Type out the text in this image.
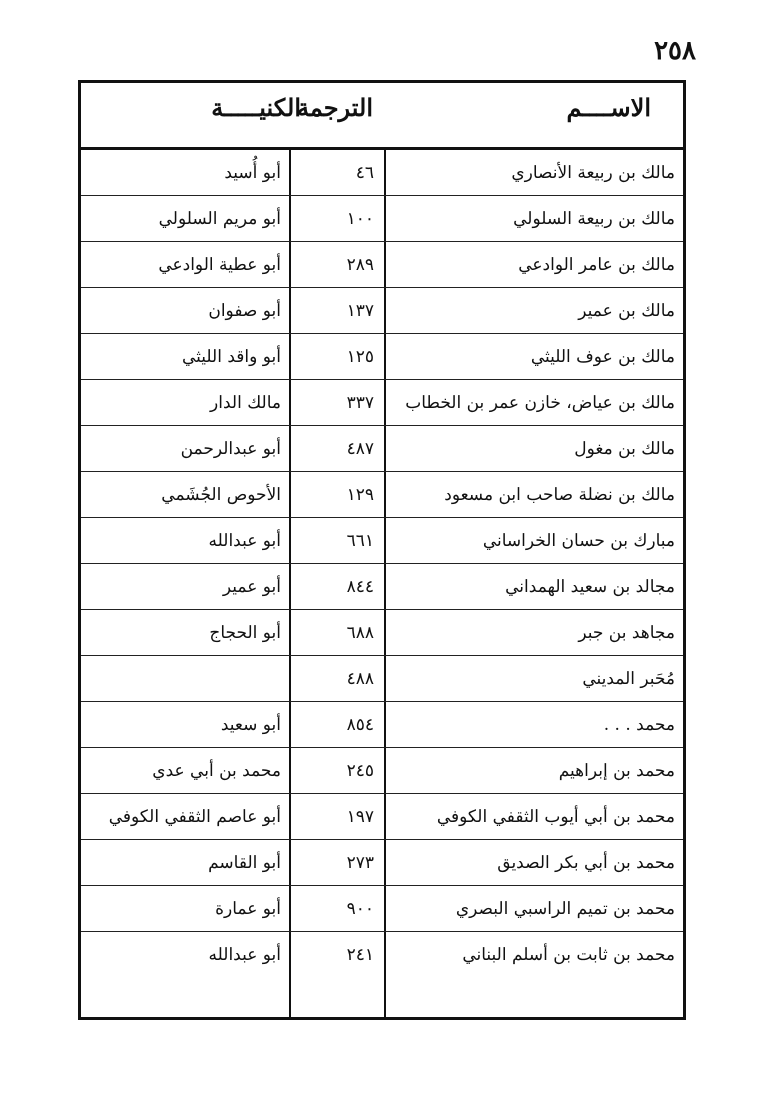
٢٥٨
الاســــم
الترجمة
الكنيـــــة
مالك بن ربيعة الأنصاري
٤٦
أبو أُسيد
مالك بن ربيعة السلولي
١٠٠
أبو مريم السلولي
مالك بن عامر الوادعي
٢٨٩
أبو عطية الوادعي
مالك بن عمير
١٣٧
أبو صفوان
مالك بن عوف الليثي
١٢٥
أبو واقد الليثي
مالك بن عياض، خازن عمر بن الخطاب
٣٣٧
مالك الدار
مالك بن مغول
٤٨٧
أبو عبدالرحمن
مالك بن نضلة صاحب ابن مسعود
١٢٩
الأحوص الجُشَمي
مبارك بن حسان الخراساني
٦٦١
أبو عبدالله
مجالد بن سعيد الهمداني
٨٤٤
أبو عمير
مجاهد بن جبر
٦٨٨
أبو الحجاج
مُحَبر المديني
٤٨٨
محمد . . .
٨٥٤
أبو سعيد
محمد بن إبراهيم
٢٤٥
محمد بن أبي عدي
محمد بن أبي أيوب الثقفي الكوفي
١٩٧
أبو عاصم الثقفي الكوفي
محمد بن أبي بكر الصديق
٢٧٣
أبو القاسم
محمد بن تميم الراسبي البصري
٩٠٠
أبو عمارة
محمد بن ثابت بن أسلم البناني
٢٤١
أبو عبدالله
